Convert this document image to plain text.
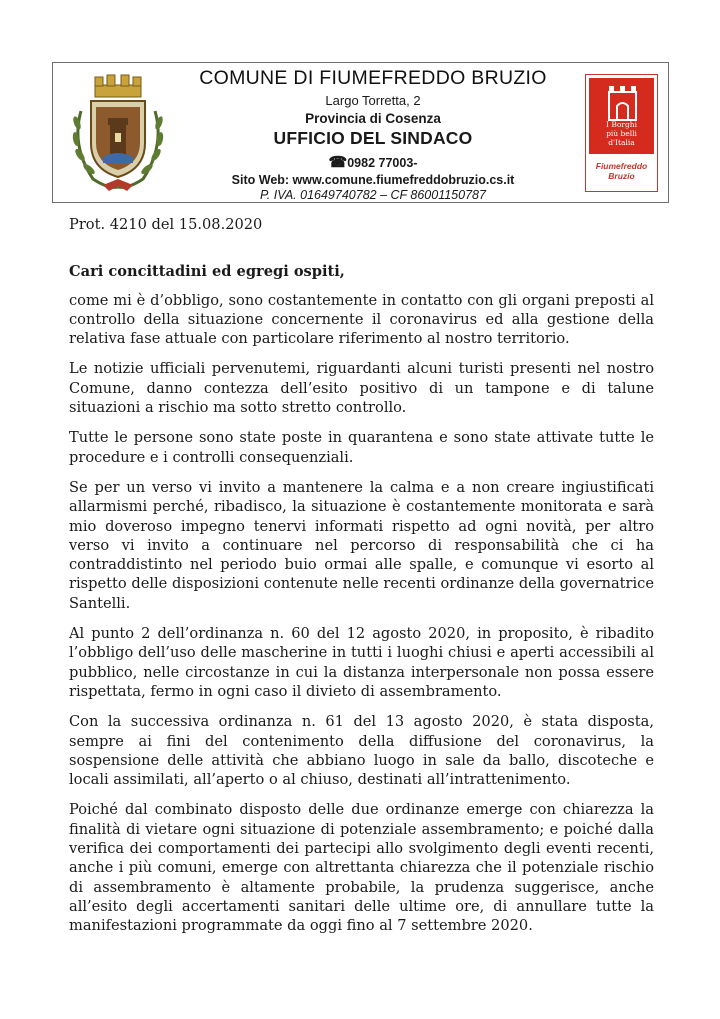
COMUNE DI FIUMEFREDDO BRUZIO
Largo Torretta, 2
Provincia di Cosenza
UFFICIO DEL SINDACO
☎0982 77003-
Sito Web: www.comune.fiumefreddobruzio.cs.it
P. IVA. 01649740782 – CF 86001150787
I Borghi
più belli
d'Italia
Fiumefreddo
Bruzio

Prot. 4210 del 15.08.2020

Cari concittadini ed egregi ospiti,

come mi è d’obbligo, sono costantemente in contatto con gli organi preposti al controllo della situazione concernente il coronavirus ed alla gestione della relativa fase attuale con particolare riferimento al nostro territorio.

Le notizie ufficiali pervenutemi, riguardanti alcuni turisti presenti nel nostro Comune, danno contezza dell’esito positivo di un tampone e di talune situazioni a rischio ma sotto stretto controllo.

Tutte le persone sono state poste in quarantena e sono state attivate tutte le procedure e i controlli consequenziali.

Se per un verso vi invito a mantenere la calma e a non creare ingiustificati allarmismi perché, ribadisco, la situazione è costantemente monitorata e sarà mio doveroso impegno tenervi informati rispetto ad ogni novità, per altro verso vi invito a continuare nel percorso di responsabilità che ci ha contraddistinto nel periodo buio ormai alle spalle, e comunque vi esorto al rispetto delle disposizioni contenute nelle recenti ordinanze della governatrice Santelli.

Al punto 2 dell’ordinanza n. 60 del 12 agosto 2020, in proposito, è ribadito l’obbligo dell’uso delle mascherine in tutti i luoghi chiusi e aperti accessibili al pubblico, nelle circostanze in cui la distanza interpersonale non possa essere rispettata, fermo in ogni caso il divieto di assembramento.

Con la successiva ordinanza n. 61 del 13 agosto 2020, è stata disposta, sempre ai fini del contenimento della diffusione del coronavirus, la sospensione delle attività che abbiano luogo in sale da ballo, discoteche e locali assimilati, all’aperto o al chiuso, destinati all’intrattenimento.

Poiché dal combinato disposto delle due ordinanze emerge con chiarezza la finalità di vietare ogni situazione di potenziale assembramento; e poiché dalla verifica dei comportamenti dei partecipi allo svolgimento degli eventi recenti, anche i più comuni, emerge con altrettanta chiarezza che il potenziale rischio di assembramento è altamente probabile, la prudenza suggerisce, anche all’esito degli accertamenti sanitari delle ultime ore, di annullare tutte la manifestazioni programmate da oggi fino al 7 settembre 2020.
